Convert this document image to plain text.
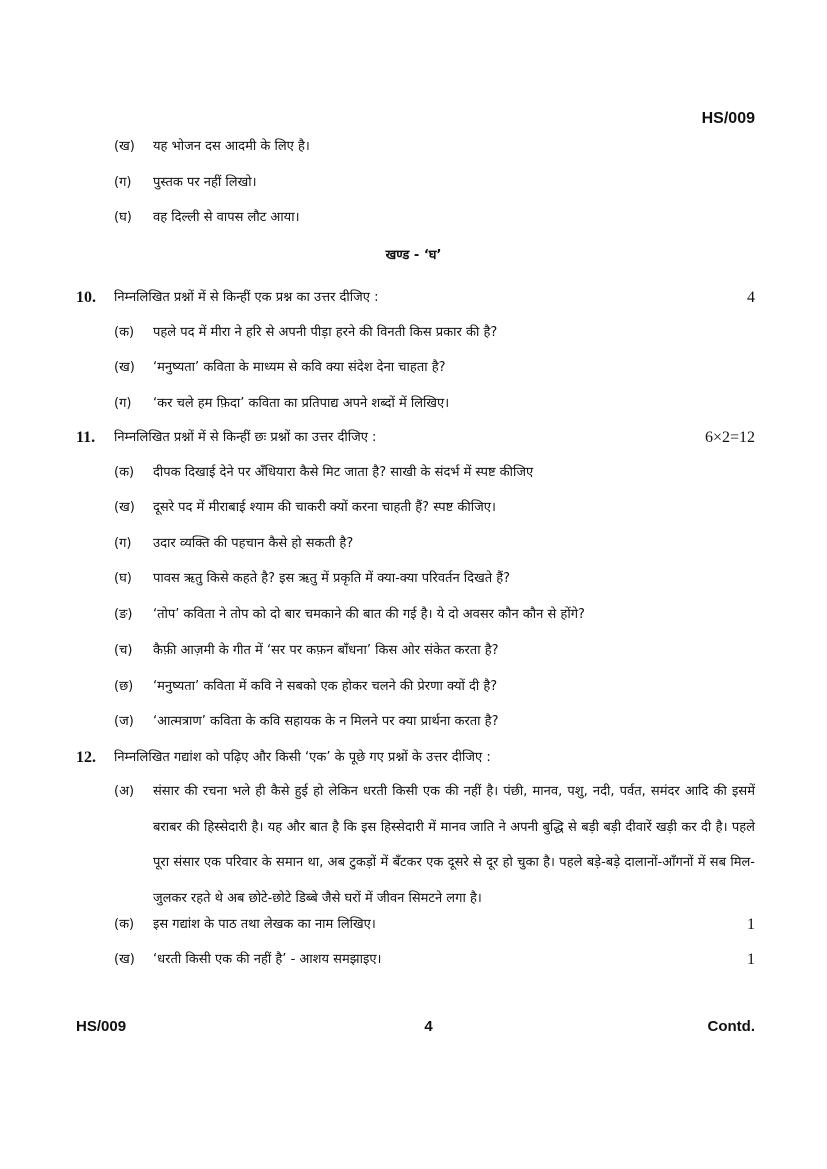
HS/009
(ख) यह भोजन दस आदमी के लिए है।
(ग) पुस्तक पर नहीं लिखो।
(घ) वह दिल्ली से वापस लौट आया।
खण्ड - ‘घ’
10. निम्नलिखित प्रश्नों में से किन्हीं एक प्रश्न का उत्तर दीजिए :	4
(क) पहले पद में मीरा ने हरि से अपनी पीड़ा हरने की विनती किस प्रकार की है?
(ख) ‘मनुष्यता’ कविता के माध्यम से कवि क्या संदेश देना चाहता है?
(ग) ‘कर चले हम फ़िदा’ कविता का प्रतिपाद्य अपने शब्दों में लिखिए।
11. निम्नलिखित प्रश्नों में से किन्हीं छः प्रश्नों का उत्तर दीजिए :	6×2=12
(क) दीपक दिखाई देने पर अँधियारा कैसे मिट जाता है? साखी के संदर्भ में स्पष्ट कीजिए
(ख) दूसरे पद में मीराबाई श्याम की चाकरी क्यों करना चाहती हैं? स्पष्ट कीजिए।
(ग) उदार व्यक्ति की पहचान कैसे हो सकती है?
(घ) पावस ऋतु किसे कहते है? इस ऋतु में प्रकृति में क्या-क्या परिवर्तन दिखते हैं?
(ङ) ‘तोप’ कविता ने तोप को दो बार चमकाने की बात की गई है। ये दो अवसर कौन कौन से होंगे?
(च) कैफ़ी आज़मी के गीत में ‘सर पर कफ़न बाँधना’ किस ओर संकेत करता है?
(छ) ‘मनुष्यता’ कविता में कवि ने सबको एक होकर चलने की प्रेरणा क्यों दी है?
(ज) ‘आत्मत्राण’ कविता के कवि सहायक के न मिलने पर क्या प्रार्थना करता है?
12. निम्नलिखित गद्यांश को पढ़िए और किसी ‘एक’ के पूछे गए प्रश्नों के उत्तर दीजिए :
(अ) संसार की रचना भले ही कैसे हुई हो लेकिन धरती किसी एक की नहीं है। पंछी, मानव, पशु, नदी, पर्वत, समंदर आदि की इसमें बराबर की हिस्सेदारी है। यह और बात है कि इस हिस्सेदारी में मानव जाति ने अपनी बुद्धि से बड़ी बड़ी दीवारें खड़ी कर दी है। पहले पूरा संसार एक परिवार के समान था, अब टुकड़ों में बँटकर एक दूसरे से दूर हो चुका है। पहले बड़े-बड़े दालानों-आँगनों में सब मिल-जुलकर रहते थे अब छोटे-छोटे डिब्बे जैसे घरों में जीवन सिमटने लगा है।
(क) इस गद्यांश के पाठ तथा लेखक का नाम लिखिए।	1
(ख) ‘धरती किसी एक की नहीं है’ - आशय समझाइए।	1
HS/009	4	Contd.
